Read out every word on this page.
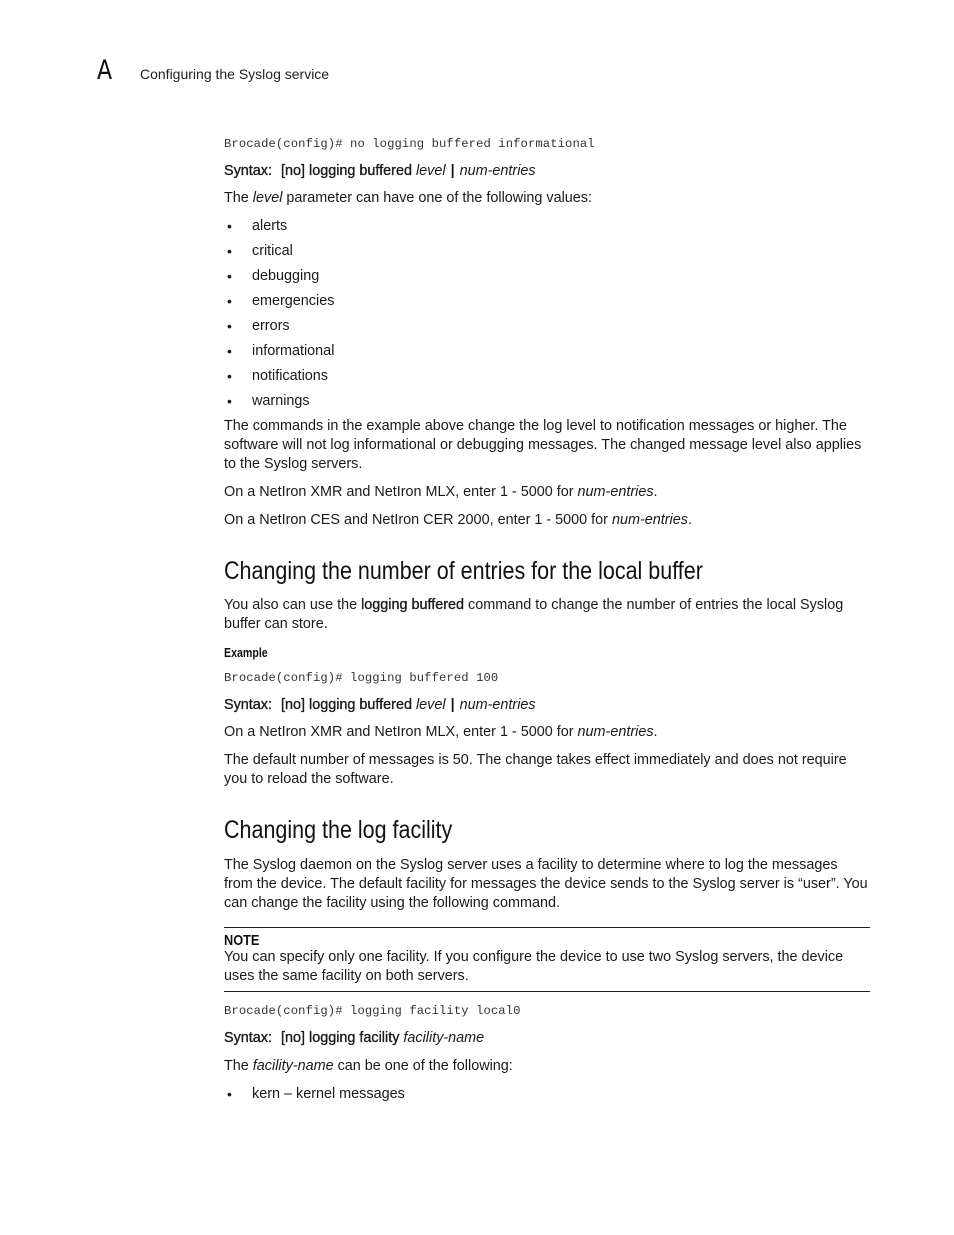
A Configuring the Syslog service
Brocade(config)# no logging buffered informational
Syntax: [no] logging buffered level | num-entries
The level parameter can have one of the following values:
• alerts
• critical
• debugging
• emergencies
• errors
• informational
• notifications
• warnings
The commands in the example above change the log level to notification messages or higher. The software will not log informational or debugging messages. The changed message level also applies to the Syslog servers.
On a NetIron XMR and NetIron MLX, enter 1 - 5000 for num-entries.
On a NetIron CES and NetIron CER 2000, enter 1 - 5000 for num-entries.
Changing the number of entries for the local buffer
You also can use the logging buffered command to change the number of entries the local Syslog buffer can store.
Example
Brocade(config)# logging buffered 100
Syntax: [no] logging buffered level | num-entries
On a NetIron XMR and NetIron MLX, enter 1 - 5000 for num-entries.
The default number of messages is 50. The change takes effect immediately and does not require you to reload the software.
Changing the log facility
The Syslog daemon on the Syslog server uses a facility to determine where to log the messages from the device. The default facility for messages the device sends to the Syslog server is “user”. You can change the facility using the following command.
NOTE
You can specify only one facility. If you configure the device to use two Syslog servers, the device uses the same facility on both servers.
Brocade(config)# logging facility local0
Syntax: [no] logging facility facility-name
The facility-name can be one of the following:
• kern – kernel messages
